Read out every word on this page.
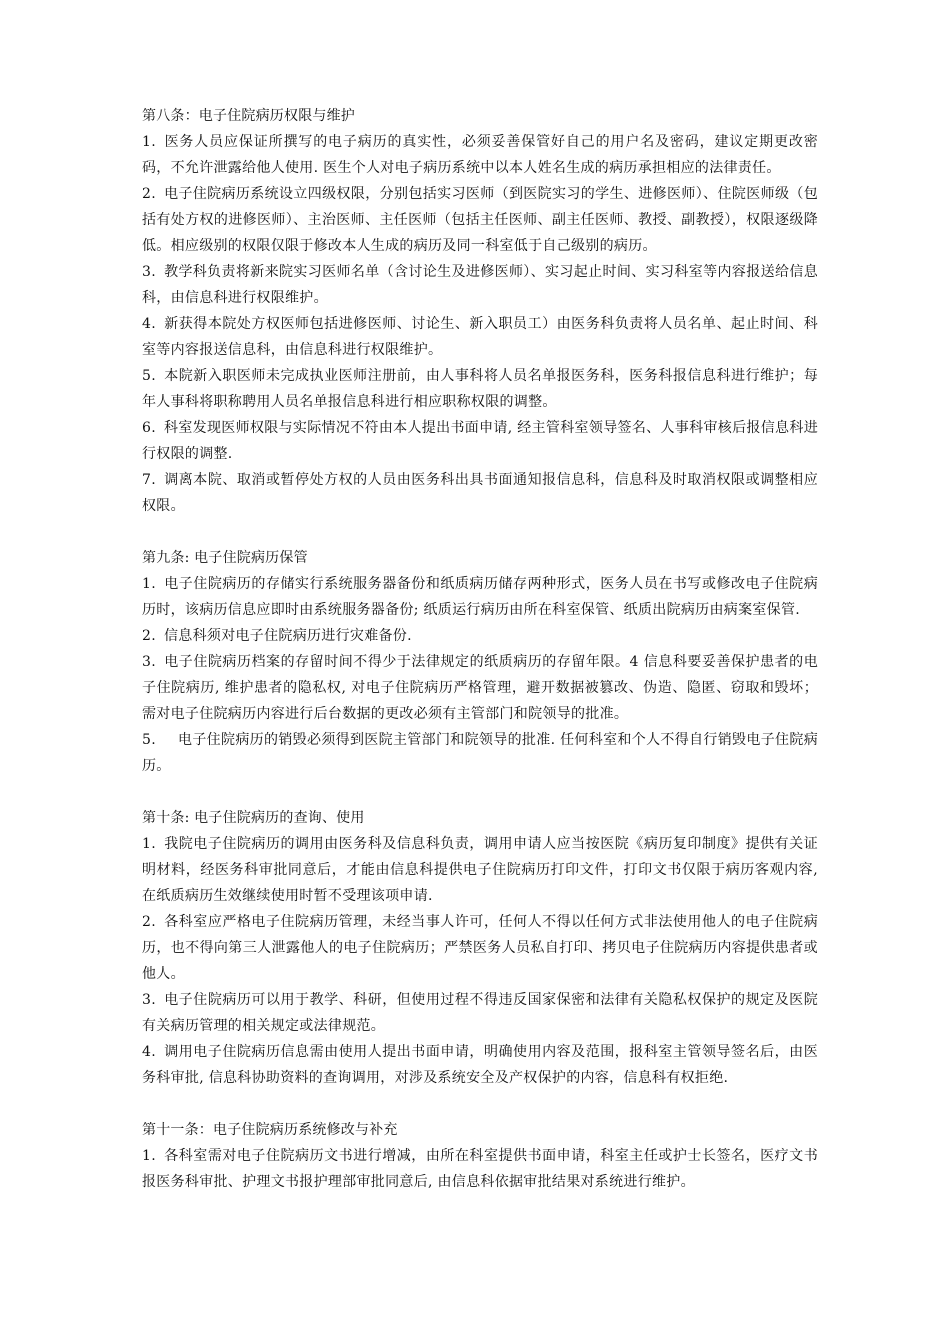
第八条：电子住院病历权限与维护

1. 医务人员应保证所撰写的电子病历的真实性，必须妥善保管好自己的用户名及密码，建议定期更改密码，不允许泄露给他人使用. 医生个人对电子病历系统中以本人姓名生成的病历承担相应的法律责任。

2. 电子住院病历系统设立四级权限，分别包括实习医师（到医院实习的学生、进修医师）、住院医师级（包括有处方权的进修医师）、主治医师、主任医师（包括主任医师、副主任医师、教授、副教授），权限逐级降低。相应级别的权限仅限于修改本人生成的病历及同一科室低于自己级别的病历。

3. 教学科负责将新来院实习医师名单（含讨论生及进修医师）、实习起止时间、实习科室等内容报送给信息科，由信息科进行权限维护。

4. 新获得本院处方权医师包括进修医师、讨论生、新入职员工）由医务科负责将人员名单、起止时间、科室等内容报送信息科，由信息科进行权限维护。

5. 本院新入职医师未完成执业医师注册前，由人事科将人员名单报医务科，医务科报信息科进行维护；每年人事科将职称聘用人员名单报信息科进行相应职称权限的调整。

6. 科室发现医师权限与实际情况不符由本人提出书面申请, 经主管科室领导签名、人事科审核后报信息科进行权限的调整.

7. 调离本院、取消或暂停处方权的人员由医务科出具书面通知报信息科，信息科及时取消权限或调整相应权限。

第九条: 电子住院病历保管

1. 电子住院病历的存储实行系统服务器备份和纸质病历储存两种形式，医务人员在书写或修改电子住院病历时，该病历信息应即时由系统服务器备份; 纸质运行病历由所在科室保管、纸质出院病历由病案室保管.

2. 信息科须对电子住院病历进行灾难备份.

3. 电子住院病历档案的存留时间不得少于法律规定的纸质病历的存留年限。4 信息科要妥善保护患者的电子住院病历, 维护患者的隐私权, 对电子住院病历严格管理，避开数据被篡改、伪造、隐匿、窃取和毁坏；需对电子住院病历内容进行后台数据的更改必须有主管部门和院领导的批准。

5. 电子住院病历的销毁必须得到医院主管部门和院领导的批准. 任何科室和个人不得自行销毁电子住院病历。

第十条: 电子住院病历的查询、使用

1. 我院电子住院病历的调用由医务科及信息科负责，调用申请人应当按医院《病历复印制度》提供有关证明材料，经医务科审批同意后，才能由信息科提供电子住院病历打印文件，打印文书仅限于病历客观内容, 在纸质病历生效继续使用时暂不受理该项申请.

2. 各科室应严格电子住院病历管理，未经当事人许可，任何人不得以任何方式非法使用他人的电子住院病历，也不得向第三人泄露他人的电子住院病历；严禁医务人员私自打印、拷贝电子住院病历内容提供患者或他人。

3. 电子住院病历可以用于教学、科研，但使用过程不得违反国家保密和法律有关隐私权保护的规定及医院有关病历管理的相关规定或法律规范。

4. 调用电子住院病历信息需由使用人提出书面申请，明确使用内容及范围，报科室主管领导签名后，由医务科审批, 信息科协助资料的查询调用，对涉及系统安全及产权保护的内容，信息科有权拒绝.

第十一条：电子住院病历系统修改与补充

1. 各科室需对电子住院病历文书进行增减，由所在科室提供书面申请，科室主任或护士长签名，医疗文书报医务科审批、护理文书报护理部审批同意后, 由信息科依据审批结果对系统进行维护。
